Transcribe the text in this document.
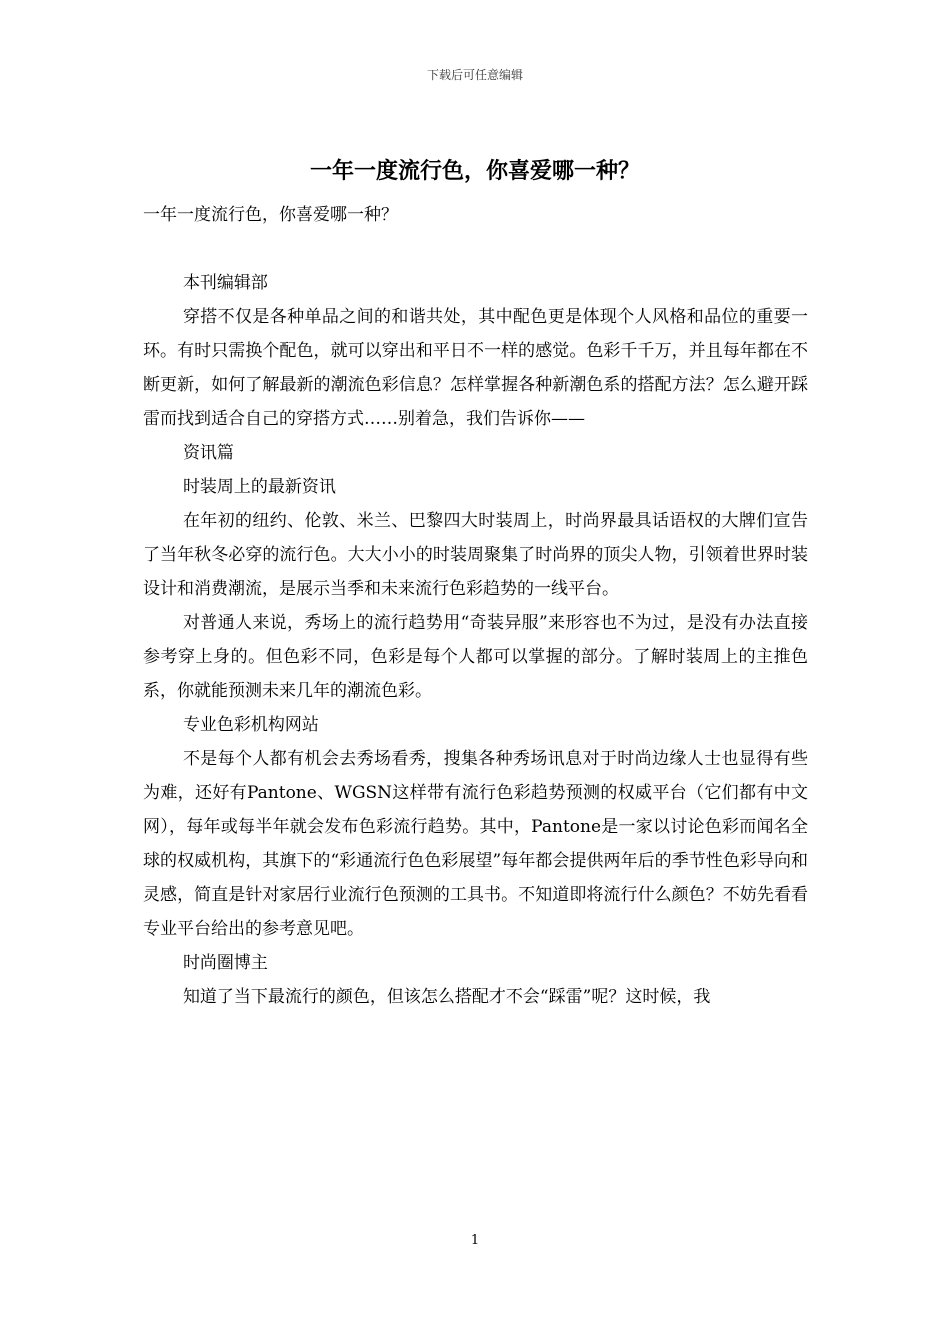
下载后可任意编辑
一年一度流行色，你喜爱哪一种？

一年一度流行色，你喜爱哪一种？

本刊编辑部

穿搭不仅是各种单品之间的和谐共处，其中配色更是体现个人风格和品位的重要一环。有时只需换个配色，就可以穿出和平日不一样的感觉。色彩千千万，并且每年都在不断更新，如何了解最新的潮流色彩信息？怎样掌握各种新潮色系的搭配方法？怎么避开踩雷而找到适合自己的穿搭方式……别着急，我们告诉你——

资讯篇

时装周上的最新资讯

在年初的纽约、伦敦、米兰、巴黎四大时装周上，时尚界最具话语权的大牌们宣告了当年秋冬必穿的流行色。大大小小的时装周聚集了时尚界的顶尖人物，引领着世界时装设计和消费潮流，是展示当季和未来流行色彩趋势的一线平台。

对普通人来说，秀场上的流行趋势用“奇装异服”来形容也不为过，是没有办法直接参考穿上身的。但色彩不同，色彩是每个人都可以掌握的部分。了解时装周上的主推色系，你就能预测未来几年的潮流色彩。

专业色彩机构网站

不是每个人都有机会去秀场看秀，搜集各种秀场讯息对于时尚边缘人士也显得有些为难，还好有Pantone、WGSN这样带有流行色彩趋势预测的权威平台（它们都有中文网），每年或每半年就会发布色彩流行趋势。其中，Pantone是一家以讨论色彩而闻名全球的权威机构，其旗下的“彩通流行色色彩展望”每年都会提供两年后的季节性色彩导向和灵感，简直是针对家居行业流行色预测的工具书。不知道即将流行什么颜色？不妨先看看专业平台给出的参考意见吧。

时尚圈博主

知道了当下最流行的颜色，但该怎么搭配才不会“踩雷”呢？这时候，我

1
